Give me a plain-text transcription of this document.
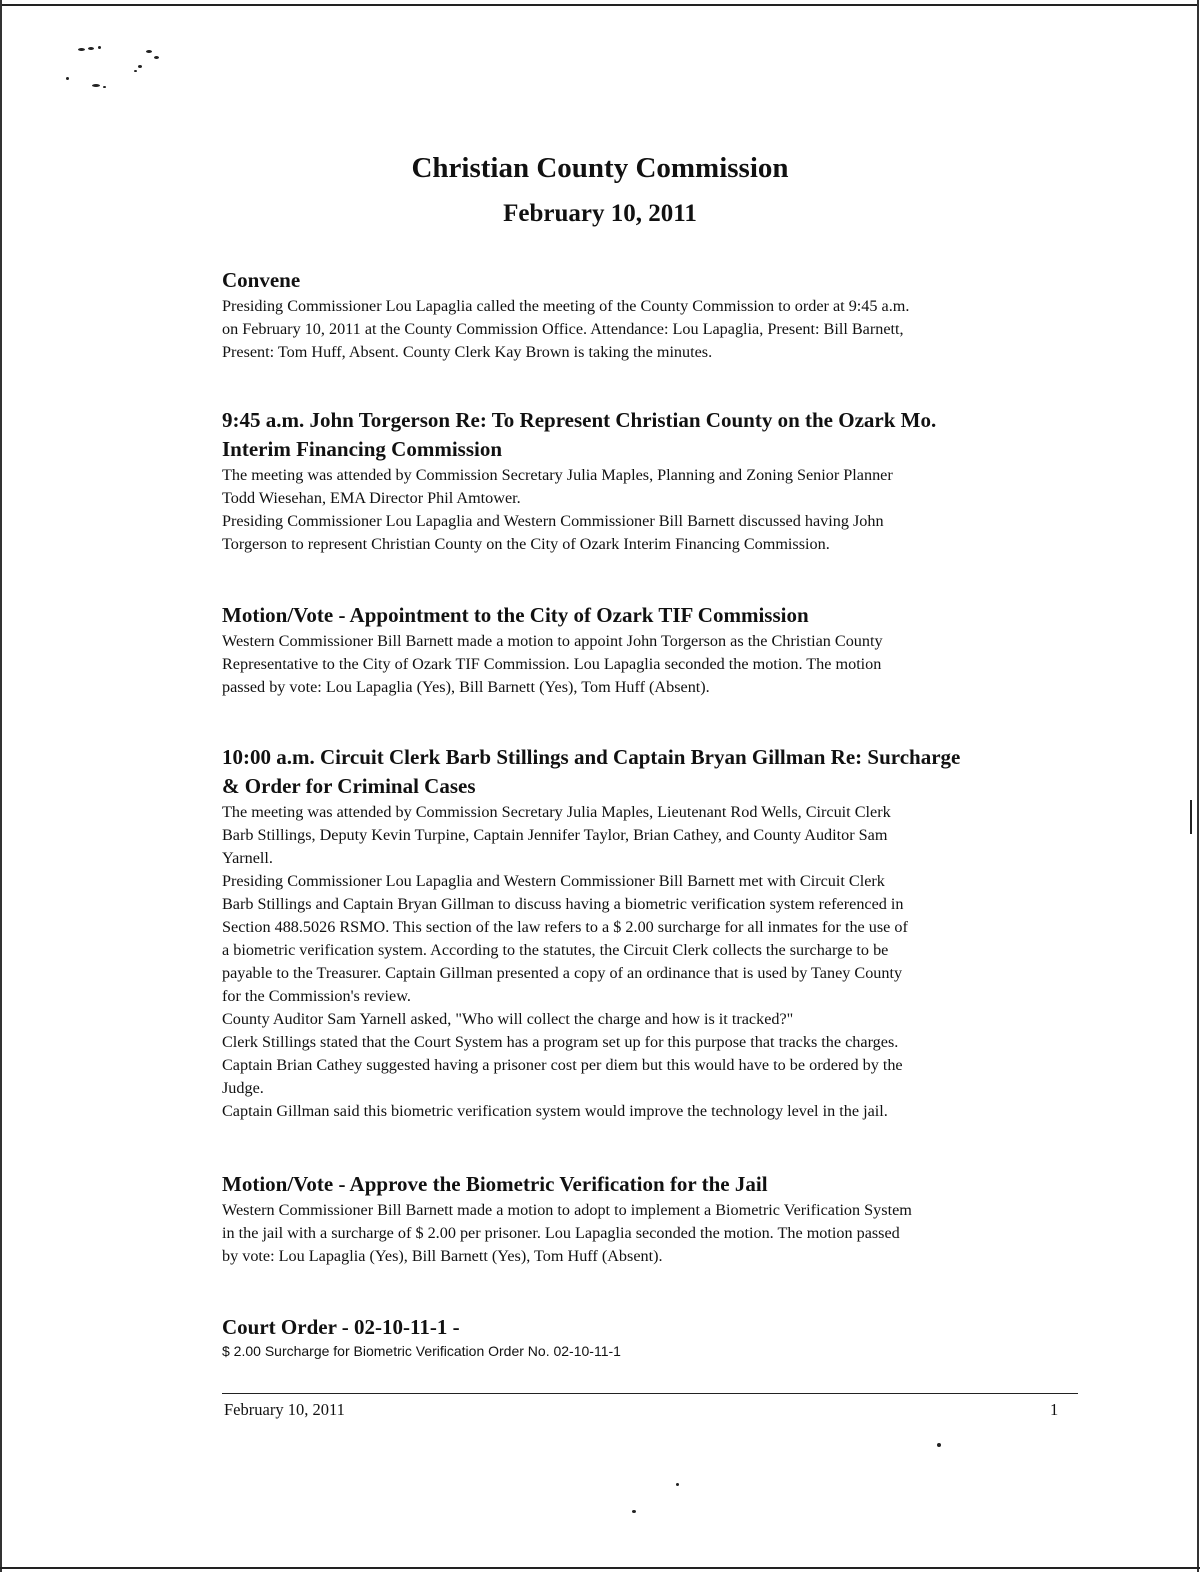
Christian County Commission
February 10, 2011
Convene

Presiding Commissioner Lou Lapaglia called the meeting of the County Commission to order at 9:45 a.m.

on February 10, 2011 at the County Commission Office. Attendance: Lou Lapaglia, Present: Bill Barnett,

Present: Tom Huff, Absent. County Clerk Kay Brown is taking the minutes.

9:45 a.m. John Torgerson Re: To Represent Christian County on the Ozark Mo.
Interim Financing Commission

The meeting was attended by Commission Secretary Julia Maples, Planning and Zoning Senior Planner

Todd Wiesehan, EMA Director Phil Amtower.

Presiding Commissioner Lou Lapaglia and Western Commissioner Bill Barnett discussed having John

Torgerson to represent Christian County on the City of Ozark Interim Financing Commission.

Motion/Vote - Appointment to the City of Ozark TIF Commission

Western Commissioner Bill Barnett made a motion to appoint John Torgerson as the Christian County

Representative to the City of Ozark TIF Commission. Lou Lapaglia seconded the motion. The motion

passed by vote: Lou Lapaglia (Yes), Bill Barnett (Yes), Tom Huff (Absent).

10:00 a.m. Circuit Clerk Barb Stillings and Captain Bryan Gillman Re: Surcharge
& Order for Criminal Cases

The meeting was attended by Commission Secretary Julia Maples, Lieutenant Rod Wells, Circuit Clerk

Barb Stillings, Deputy Kevin Turpine, Captain Jennifer Taylor, Brian Cathey, and County Auditor Sam

Yarnell.

Presiding Commissioner Lou Lapaglia and Western Commissioner Bill Barnett met with Circuit Clerk

Barb Stillings and Captain Bryan Gillman to discuss having a biometric verification system referenced in

Section 488.5026 RSMO. This section of the law refers to a $ 2.00 surcharge for all inmates for the use of

a biometric verification system. According to the statutes, the Circuit Clerk collects the surcharge to be

payable to the Treasurer. Captain Gillman presented a copy of an ordinance that is used by Taney County

for the Commission's review.

County Auditor Sam Yarnell asked, "Who will collect the charge and how is it tracked?"

Clerk Stillings stated that the Court System has a program set up for this purpose that tracks the charges.

Captain Brian Cathey suggested having a prisoner cost per diem but this would have to be ordered by the

Judge.

Captain Gillman said this biometric verification system would improve the technology level in the jail.

Motion/Vote - Approve the Biometric Verification for the Jail

Western Commissioner Bill Barnett made a motion to adopt to implement a Biometric Verification System

in the jail with a surcharge of $ 2.00 per prisoner. Lou Lapaglia seconded the motion. The motion passed

by vote: Lou Lapaglia (Yes), Bill Barnett (Yes), Tom Huff (Absent).

Court Order - 02-10-11-1 -

$ 2.00 Surcharge for Biometric Verification Order No. 02-10-11-1

February 10, 2011	1
